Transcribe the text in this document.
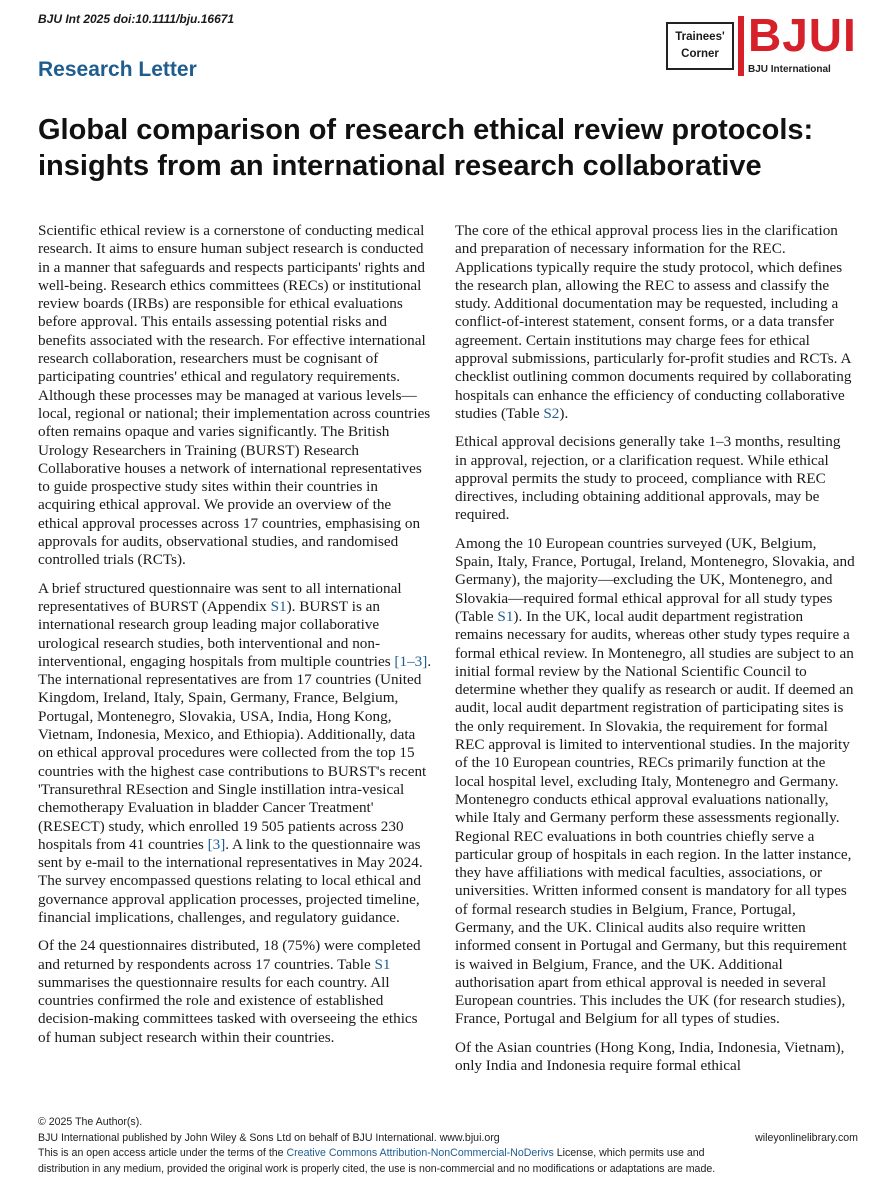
BJU Int 2025 doi:10.1111/bju.16671
Research Letter
Trainees'
Corner BJUI
BJU International
Global comparison of research ethical review protocols: insights from an international research collaborative

Scientific ethical review is a cornerstone of conducting medical research. It aims to ensure human subject research is conducted in a manner that safeguards and respects participants' rights and well-being. Research ethics committees (RECs) or institutional review boards (IRBs) are responsible for ethical evaluations before approval. This entails assessing potential risks and benefits associated with the research. For effective international research collaboration, researchers must be cognisant of participating countries' ethical and regulatory requirements. Although these processes may be managed at various levels—local, regional or national; their implementation across countries often remains opaque and varies significantly. The British Urology Researchers in Training (BURST) Research Collaborative houses a network of international representatives to guide prospective study sites within their countries in acquiring ethical approval. We provide an overview of the ethical approval processes across 17 countries, emphasising on approvals for audits, observational studies, and randomised controlled trials (RCTs).

A brief structured questionnaire was sent to all international representatives of BURST (Appendix S1). BURST is an international research group leading major collaborative urological research studies, both interventional and non-interventional, engaging hospitals from multiple countries [1–3]. The international representatives are from 17 countries (United Kingdom, Ireland, Italy, Spain, Germany, France, Belgium, Portugal, Montenegro, Slovakia, USA, India, Hong Kong, Vietnam, Indonesia, Mexico, and Ethiopia). Additionally, data on ethical approval procedures were collected from the top 15 countries with the highest case contributions to BURST's recent 'Transurethral REsection and Single instillation intra-vesical chemotherapy Evaluation in bladder Cancer Treatment' (RESECT) study, which enrolled 19 505 patients across 230 hospitals from 41 countries [3]. A link to the questionnaire was sent by e-mail to the international representatives in May 2024. The survey encompassed questions relating to local ethical and governance approval application processes, projected timeline, financial implications, challenges, and regulatory guidance.

Of the 24 questionnaires distributed, 18 (75%) were completed and returned by respondents across 17 countries. Table S1 summarises the questionnaire results for each country. All countries confirmed the role and existence of established decision-making committees tasked with overseeing the ethics of human subject research within their countries.

The core of the ethical approval process lies in the clarification and preparation of necessary information for the REC. Applications typically require the study protocol, which defines the research plan, allowing the REC to assess and classify the study. Additional documentation may be requested, including a conflict-of-interest statement, consent forms, or a data transfer agreement. Certain institutions may charge fees for ethical approval submissions, particularly for-profit studies and RCTs. A checklist outlining common documents required by collaborating hospitals can enhance the efficiency of conducting collaborative studies (Table S2).

Ethical approval decisions generally take 1–3 months, resulting in approval, rejection, or a clarification request. While ethical approval permits the study to proceed, compliance with REC directives, including obtaining additional approvals, may be required.

Among the 10 European countries surveyed (UK, Belgium, Spain, Italy, France, Portugal, Ireland, Montenegro, Slovakia, and Germany), the majority—excluding the UK, Montenegro, and Slovakia—required formal ethical approval for all study types (Table S1). In the UK, local audit department registration remains necessary for audits, whereas other study types require a formal ethical review. In Montenegro, all studies are subject to an initial formal review by the National Scientific Council to determine whether they qualify as research or audit. If deemed an audit, local audit department registration of participating sites is the only requirement. In Slovakia, the requirement for formal REC approval is limited to interventional studies. In the majority of the 10 European countries, RECs primarily function at the local hospital level, excluding Italy, Montenegro and Germany. Montenegro conducts ethical approval evaluations nationally, while Italy and Germany perform these assessments regionally. Regional REC evaluations in both countries chiefly serve a particular group of hospitals in each region. In the latter instance, they have affiliations with medical faculties, associations, or universities. Written informed consent is mandatory for all types of formal research studies in Belgium, France, Portugal, Germany, and the UK. Clinical audits also require written informed consent in Portugal and Germany, but this requirement is waived in Belgium, France, and the UK. Additional authorisation apart from ethical approval is needed in several European countries. This includes the UK (for research studies), France, Portugal and Belgium for all types of studies.

Of the Asian countries (Hong Kong, India, Indonesia, Vietnam), only India and Indonesia require formal ethical

© 2025 The Author(s).
BJU International published by John Wiley & Sons Ltd on behalf of BJU International. www.bjui.org	wileyonlinelibrary.com
This is an open access article under the terms of the Creative Commons Attribution-NonCommercial-NoDerivs License, which permits use and
distribution in any medium, provided the original work is properly cited, the use is non-commercial and no modifications or adaptations are made.
